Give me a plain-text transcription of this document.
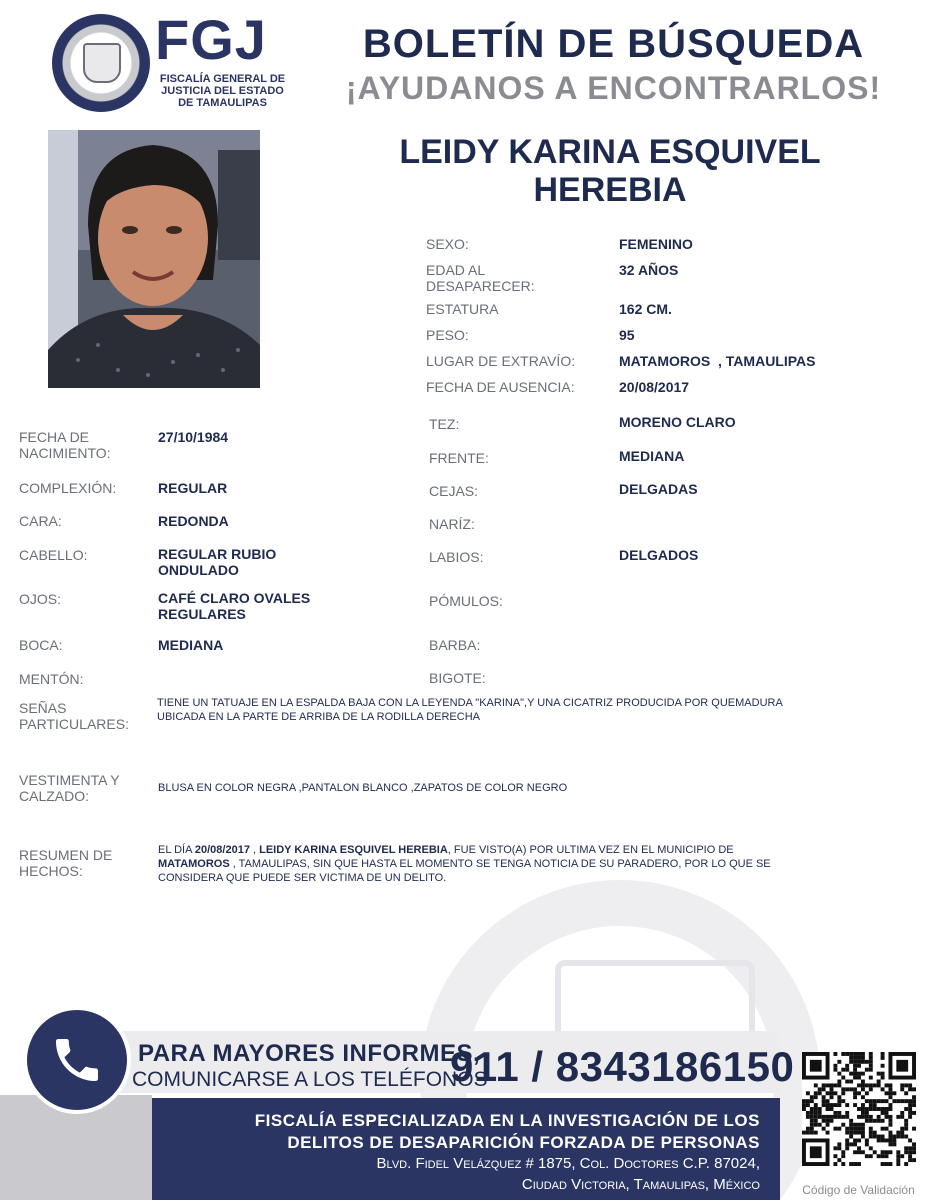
FGJ
FISCALÍA GENERAL DE
JUSTICIA DEL ESTADO
DE TAMAULIPAS
BOLETÍN DE BÚSQUEDA
¡AYUDANOS A ENCONTRARLOS!
LEIDY KARINA ESQUIVEL
HEREBIA
SEXO:	FEMENINO
EDAD AL
DESAPARECER:
32 AÑOS
ESTATURA	162 CM.
PESO:	95
LUGAR DE EXTRAVÍO:	MATAMOROS  , TAMAULIPAS
FECHA DE AUSENCIA:	20/08/2017
FECHA DE
NACIMIENTO:
27/10/1984
COMPLEXIÓN:	REGULAR
CARA:	REDONDA
CABELLO:	REGULAR RUBIO
ONDULADO
OJOS:	CAFÉ CLARO OVALES
REGULARES
BOCA:	MEDIANA
MENTÓN:
TEZ:	MORENO CLARO
FRENTE:	MEDIANA
CEJAS:	DELGADAS
NARÍZ:
LABIOS:	DELGADOS
PÓMULOS:
BARBA:
BIGOTE:
SEÑAS
PARTICULARES:
TIENE UN TATUAJE EN LA ESPALDA BAJA CON LA LEYENDA "KARINA",Y UNA CICATRIZ PRODUCIDA POR QUEMADURA
UBICADA EN LA PARTE DE ARRIBA DE LA RODILLA DERECHA
VESTIMENTA Y
CALZADO:	BLUSA EN COLOR NEGRA ,PANTALON BLANCO ,ZAPATOS DE COLOR NEGRO
RESUMEN DE
HECHOS:
EL DÍA 20/08/2017 , LEIDY KARINA ESQUIVEL HEREBIA, FUE VISTO(A) POR ULTIMA VEZ EN EL MUNICIPIO DE
MATAMOROS , TAMAULIPAS, SIN QUE HASTA EL MOMENTO SE TENGA NOTICIA DE SU PARADERO, POR LO QUE SE
CONSIDERA QUE PUEDE SER VICTIMA DE UN DELITO.
PARA MAYORES INFORMES,
COMUNICARSE A LOS TELÉFONOS
911 / 8343186150
FISCALÍA ESPECIALIZADA EN LA INVESTIGACIÓN DE LOS
DELITOS DE DESAPARICIÓN FORZADA DE PERSONAS
Blvd. Fidel Velázquez # 1875, Col. Doctores C.P. 87024,
Ciudad Victoria, Tamaulipas, México	Código de Validación
